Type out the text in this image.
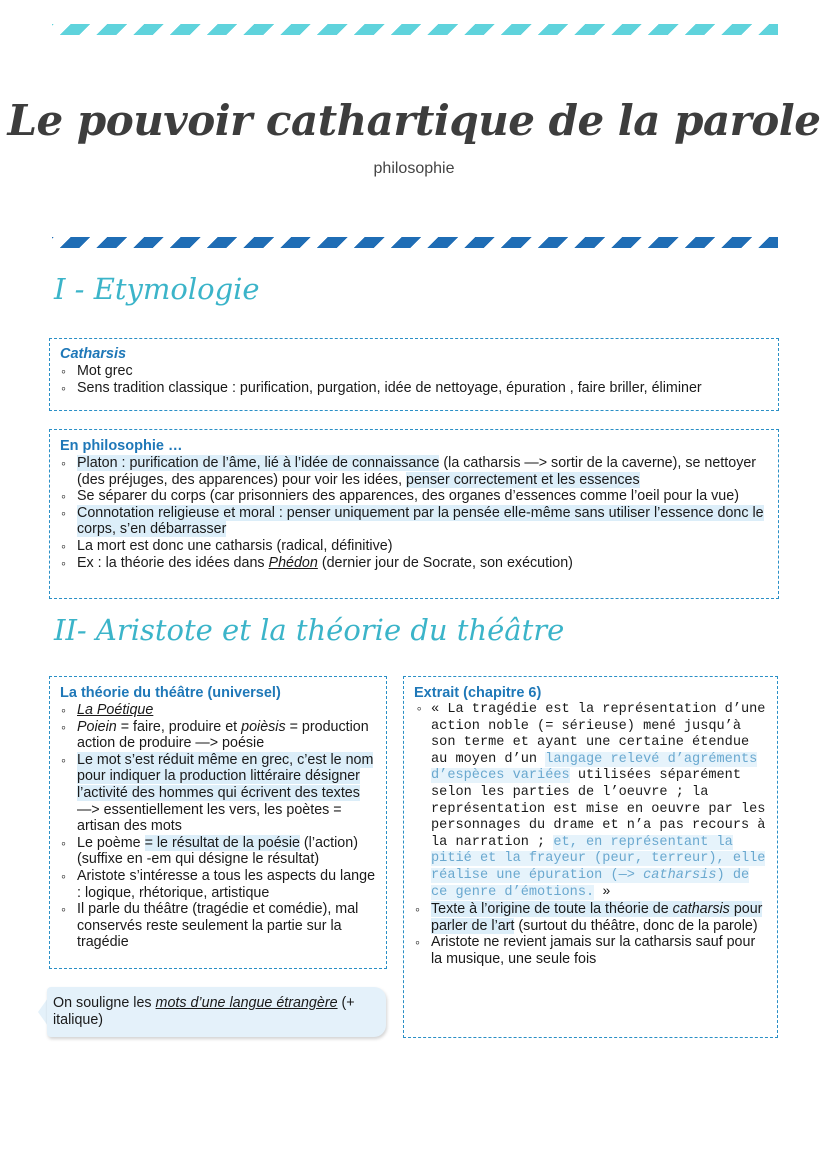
Le pouvoir cathartique de la parole
philosophie
I - Etymologie
Catharsis
◦ Mot grec
◦ Sens tradition classique : purification, purgation, idée de nettoyage, épuration , faire briller, éliminer
En philosophie …
◦ Platon : purification de l’âme, lié à l’idée de connaissance (la catharsis —> sortir de la caverne), se nettoyer (des préjuges, des apparences) pour voir les idées, penser correctement et les essences
◦ Se séparer du corps (car prisonniers des apparences, des organes d’essences comme l’oeil pour la vue)
◦ Connotation religieuse et moral : penser uniquement par la pensée elle-même sans utiliser l’essence donc le corps, s’en débarrasser
◦ La mort est donc une catharsis (radical, définitive)
◦ Ex : la théorie des idées dans Phédon (dernier jour de Socrate, son exécution)
II- Aristote et la théorie du théâtre
La théorie du théâtre (universel)
◦ La Poétique
◦ Poiein = faire, produire et poièsis = production action de produire —> poésie
◦ Le mot s’est réduit même en grec, c’est le nom pour indiquer la production littéraire désigner l’activité des hommes qui écrivent des textes —> essentiellement les vers, les poètes = artisan des mots
◦ Le poème = le résultat de la poésie (l’action) (suffixe en -em qui désigne le résultat)
◦ Aristote s’intéresse a tous les aspects du lange : logique, rhétorique, artistique
◦ Il parle du théâtre (tragédie et comédie), mal conservés reste seulement la partie sur la tragédie
Extrait (chapitre 6)
◦ « La tragédie est la représentation d’une action noble (= sérieuse) mené jusqu’à son terme et ayant une certaine étendue au moyen d’un langage relevé d’agréments d’espèces variées utilisées séparément selon les parties de l’oeuvre ; la représentation est mise en oeuvre par les personnages du drame et n’a pas recours à la narration ; et, en représentant la pitié et la frayeur (peur, terreur), elle réalise une épuration (—> catharsis) de ce genre d’émotions. »
◦ Texte à l’origine de toute la théorie de catharsis pour parler de l’art (surtout du théâtre, donc de la parole)
◦ Aristote ne revient jamais sur la catharsis sauf pour la musique, une seule fois
On souligne les mots d’une langue étrangère (+ italique)
